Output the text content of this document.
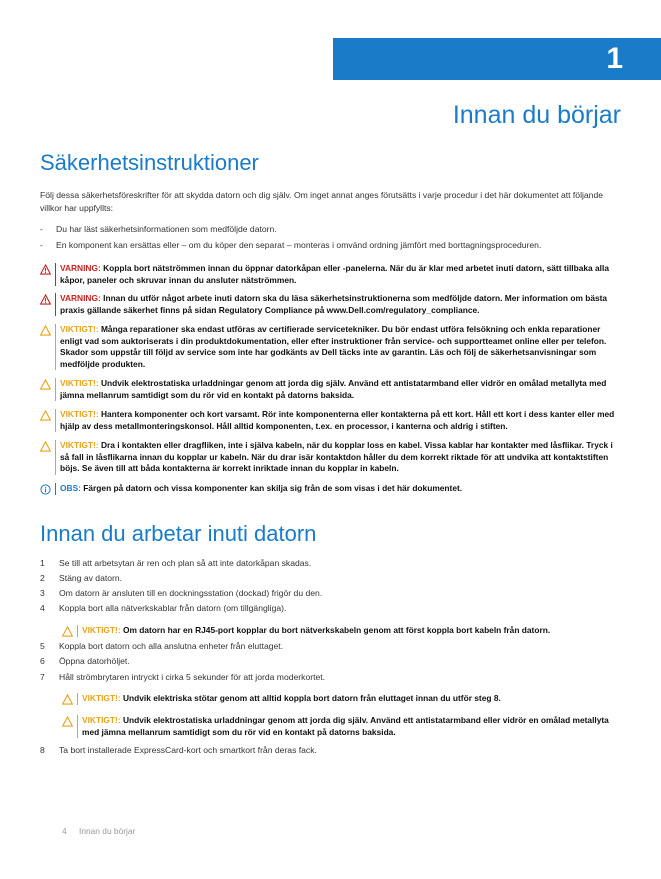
1
Innan du börjar
Säkerhetsinstruktioner

Följ dessa säkerhetsföreskrifter för att skydda datorn och dig själv. Om inget annat anges förutsätts i varje procedur i det här dokumentet att följande villkor har uppfyllts:

- Du har läst säkerhetsinformationen som medföljde datorn.
- En komponent kan ersättas eller – om du köper den separat – monteras i omvänd ordning jämfört med borttagningsproceduren.
VARNING: Koppla bort nätströmmen innan du öppnar datorkåpan eller -panelerna. När du är klar med arbetet inuti datorn, sätt tillbaka alla kåpor, paneler och skruvar innan du ansluter nätströmmen.
VARNING: Innan du utför något arbete inuti datorn ska du läsa säkerhetsinstruktionerna som medföljde datorn. Mer information om bästa praxis gällande säkerhet finns på sidan Regulatory Compliance på www.Dell.com/regulatory_compliance.
VIKTIGT!: Många reparationer ska endast utföras av certifierade servicetekniker. Du bör endast utföra felsökning och enkla reparationer enligt vad som auktoriserats i din produktdokumentation, eller efter instruktioner från service- och supportteamet online eller per telefon. Skador som uppstår till följd av service som inte har godkänts av Dell täcks inte av garantin. Läs och följ de säkerhetsanvisningar som medföljde produkten.
VIKTIGT!: Undvik elektrostatiska urladdningar genom att jorda dig själv. Använd ett antistatarmband eller vidrör en omålad metallyta med jämna mellanrum samtidigt som du rör vid en kontakt på datorns baksida.
VIKTIGT!: Hantera komponenter och kort varsamt. Rör inte komponenterna eller kontakterna på ett kort. Håll ett kort i dess kanter eller med hjälp av dess metallmonteringskonsol. Håll alltid komponenten, t.ex. en processor, i kanterna och aldrig i stiften.
VIKTIGT!: Dra i kontakten eller dragfliken, inte i själva kabeln, när du kopplar loss en kabel. Vissa kablar har kontakter med låsflikar. Tryck i så fall in låsflikarna innan du kopplar ur kabeln. När du drar isär kontaktdon håller du dem korrekt riktade för att undvika att kontaktstiften böjs. Se även till att båda kontakterna är korrekt inriktade innan du kopplar in kabeln.
OBS: Färgen på datorn och vissa komponenter kan skilja sig från de som visas i det här dokumentet.
Innan du arbetar inuti datorn
1 Se till att arbetsytan är ren och plan så att inte datorkåpan skadas.
2 Stäng av datorn.
3 Om datorn är ansluten till en dockningsstation (dockad) frigör du den.
4 Koppla bort alla nätverkskablar från datorn (om tillgängliga).
VIKTIGT!: Om datorn har en RJ45-port kopplar du bort nätverkskabeln genom att först koppla bort kabeln från datorn.
5 Koppla bort datorn och alla anslutna enheter från eluttaget.
6 Öppna datorhöljet.
7 Håll strömbrytaren intryckt i cirka 5 sekunder för att jorda moderkortet.
VIKTIGT!: Undvik elektriska stötar genom att alltid koppla bort datorn från eluttaget innan du utför steg 8.
VIKTIGT!: Undvik elektrostatiska urladdningar genom att jorda dig själv. Använd ett antistatarmband eller vidrör en omålad metallyta med jämna mellanrum samtidigt som du rör vid en kontakt på datorns baksida.
8 Ta bort installerade ExpressCard-kort och smartkort från deras fack.
4 Innan du börjar
